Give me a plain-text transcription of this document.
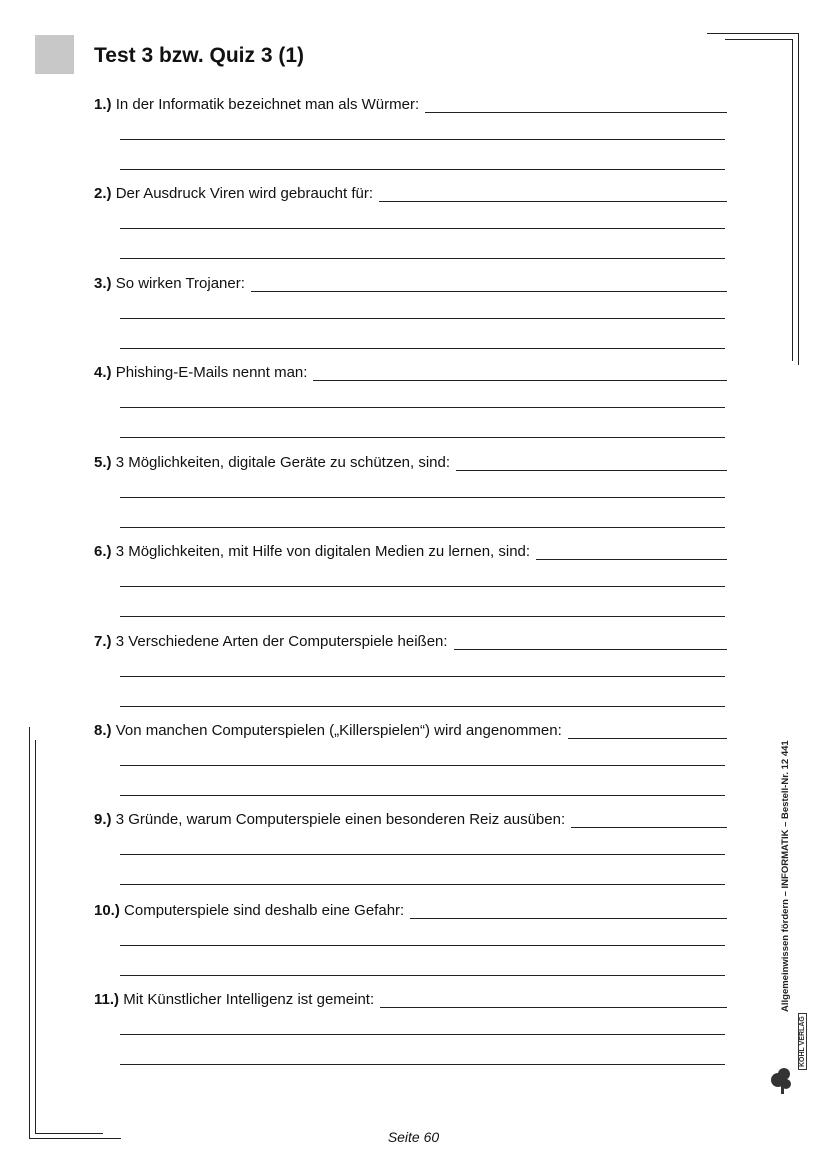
Test 3 bzw. Quiz 3 (1)
1.) In der Informatik bezeichnet man als Würmer:
2.) Der Ausdruck Viren wird gebraucht für:
3.) So wirken Trojaner:
4.) Phishing-E-Mails nennt man:
5.) 3 Möglichkeiten, digitale Geräte zu schützen, sind:
6.) 3 Möglichkeiten, mit Hilfe von digitalen Medien zu lernen, sind:
7.) 3 Verschiedene Arten der Computerspiele heißen:
8.) Von manchen Computerspielen („Killerspielen“) wird angenommen:
9.) 3 Gründe, warum Computerspiele einen besonderen Reiz ausüben:
10.) Computerspiele sind deshalb eine Gefahr:
11.) Mit Künstlicher Intelligenz ist gemeint:	Allgemeinwissen fördern – INFORMATIK – Bestell-Nr. 12 441
KOHL VERLAG
Seite 60
